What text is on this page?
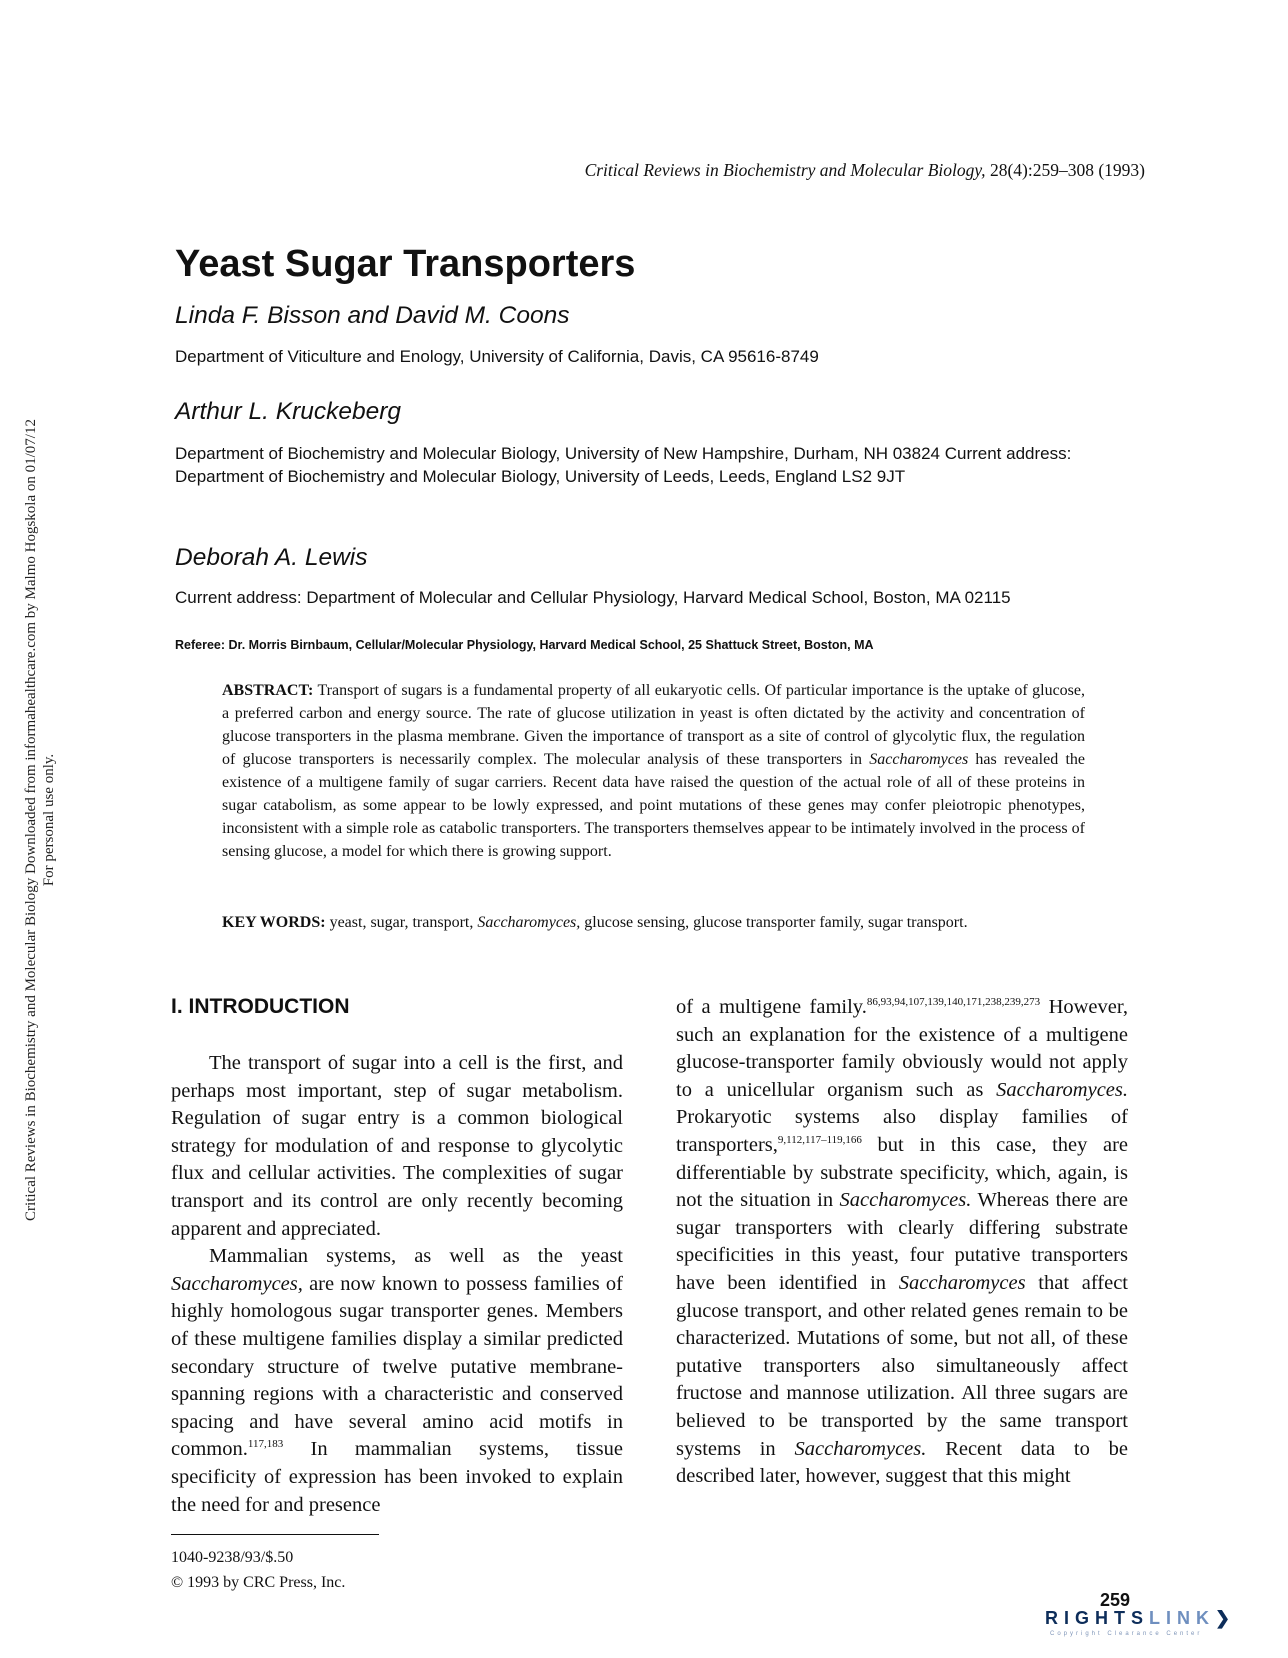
Critical Reviews in Biochemistry and Molecular Biology Downloaded from informahealthcare.com by Malmo Hogskola on 01/07/12 For personal use only.
Critical Reviews in Biochemistry and Molecular Biology, 28(4):259–308 (1993)
Yeast Sugar Transporters
Linda F. Bisson and David M. Coons
Department of Viticulture and Enology, University of California, Davis, CA 95616-8749
Arthur L. Kruckeberg
Department of Biochemistry and Molecular Biology, University of New Hampshire, Durham, NH 03824 Current address: Department of Biochemistry and Molecular Biology, University of Leeds, Leeds, England LS2 9JT
Deborah A. Lewis
Current address: Department of Molecular and Cellular Physiology, Harvard Medical School, Boston, MA 02115
Referee: Dr. Morris Birnbaum, Cellular/Molecular Physiology, Harvard Medical School, 25 Shattuck Street, Boston, MA
ABSTRACT: Transport of sugars is a fundamental property of all eukaryotic cells. Of particular importance is the uptake of glucose, a preferred carbon and energy source. The rate of glucose utilization in yeast is often dictated by the activity and concentration of glucose transporters in the plasma membrane. Given the importance of transport as a site of control of glycolytic flux, the regulation of glucose transporters is necessarily complex. The molecular analysis of these transporters in Saccharomyces has revealed the existence of a multigene family of sugar carriers. Recent data have raised the question of the actual role of all of these proteins in sugar catabolism, as some appear to be lowly expressed, and point mutations of these genes may confer pleiotropic phenotypes, inconsistent with a simple role as catabolic transporters. The transporters themselves appear to be intimately involved in the process of sensing glucose, a model for which there is growing support.
KEY WORDS: yeast, sugar, transport, Saccharomyces, glucose sensing, glucose transporter family, sugar transport.
I. INTRODUCTION

The transport of sugar into a cell is the first, and perhaps most important, step of sugar metabolism. Regulation of sugar entry is a common biological strategy for modulation of and response to glycolytic flux and cellular activities. The complexities of sugar transport and its control are only recently becoming apparent and appreciated.

Mammalian systems, as well as the yeast Saccharomyces, are now known to possess families of highly homologous sugar transporter genes. Members of these multigene families display a similar predicted secondary structure of twelve putative membrane-spanning regions with a characteristic and conserved spacing and have several amino acid motifs in common.$^{117,183}$ In mammalian systems, tissue specificity of expression has been invoked to explain the need for and presence

of a multigene family.$^{86,93,94,107,139,140,171,238,239,273}$ However, such an explanation for the existence of a multigene glucose-transporter family obviously would not apply to a unicellular organism such as Saccharomyces. Prokaryotic systems also display families of transporters,$^{9,112,117-119,166}$ but in this case, they are differentiable by substrate specificity, which, again, is not the situation in Saccharomyces. Whereas there are sugar transporters with clearly differing substrate specificities in this yeast, four putative transporters have been identified in Saccharomyces that affect glucose transport, and other related genes remain to be characterized. Mutations of some, but not all, of these putative transporters also simultaneously affect fructose and mannose utilization. All three sugars are believed to be transported by the same transport systems in Saccharomyces. Recent data to be described later, however, suggest that this might

1040-9238/93/$.50
© 1993 by CRC Press, Inc.
259
RIGHTSLINK❯
Copyright Clearance Center
